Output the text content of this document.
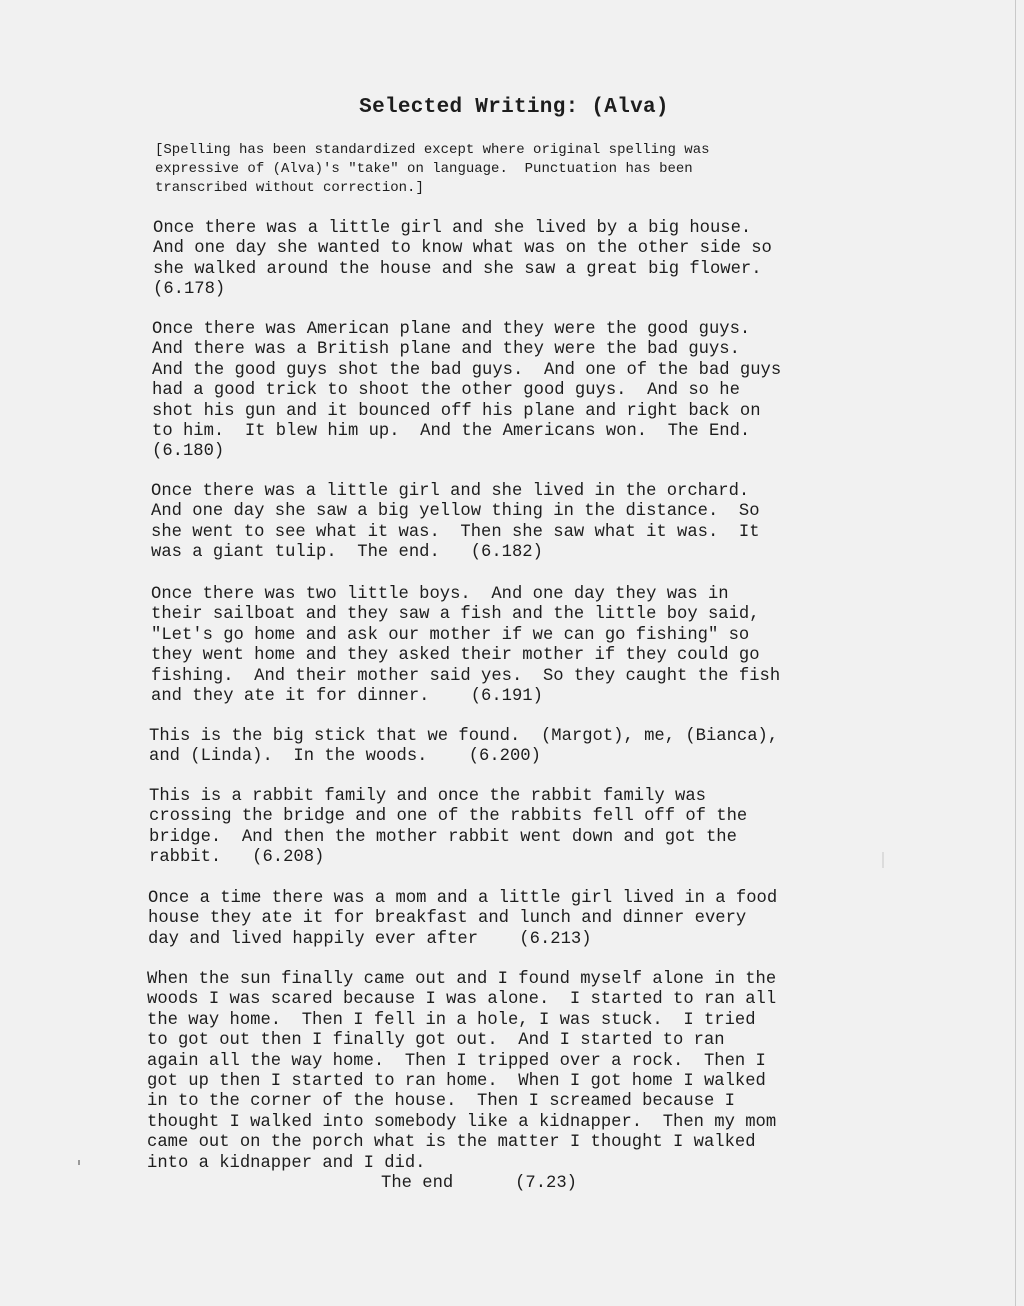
Selected Writing: (Alva)

[Spelling has been standardized except where original spelling was
expressive of (Alva)'s "take" on language.  Punctuation has been
transcribed without correction.]

Once there was a little girl and she lived by a big house.
And one day she wanted to know what was on the other side so
she walked around the house and she saw a great big flower.
(6.178)

Once there was American plane and they were the good guys.
And there was a British plane and they were the bad guys.
And the good guys shot the bad guys.  And one of the bad guys
had a good trick to shoot the other good guys.  And so he
shot his gun and it bounced off his plane and right back on
to him.  It blew him up.  And the Americans won.  The End.
(6.180)

Once there was a little girl and she lived in the orchard.
And one day she saw a big yellow thing in the distance.  So
she went to see what it was.  Then she saw what it was.  It
was a giant tulip.  The end.   (6.182)

Once there was two little boys.  And one day they was in
their sailboat and they saw a fish and the little boy said,
"Let's go home and ask our mother if we can go fishing" so
they went home and they asked their mother if they could go
fishing.  And their mother said yes.  So they caught the fish
and they ate it for dinner.    (6.191)

This is the big stick that we found.  (Margot), me, (Bianca),
and (Linda).  In the woods.    (6.200)

This is a rabbit family and once the rabbit family was
crossing the bridge and one of the rabbits fell off of the
bridge.  And then the mother rabbit went down and got the
rabbit.   (6.208)

Once a time there was a mom and a little girl lived in a food
house they ate it for breakfast and lunch and dinner every
day and lived happily ever after    (6.213)

When the sun finally came out and I found myself alone in the
woods I was scared because I was alone.  I started to ran all
the way home.  Then I fell in a hole, I was stuck.  I tried
to got out then I finally got out.  And I started to ran
again all the way home.  Then I tripped over a rock.  Then I
got up then I started to ran home.  When I got home I walked
in to the corner of the house.  Then I screamed because I
thought I walked into somebody like a kidnapper.  Then my mom
came out on the porch what is the matter I thought I walked
into a kidnapper and I did.

The end      (7.23)
